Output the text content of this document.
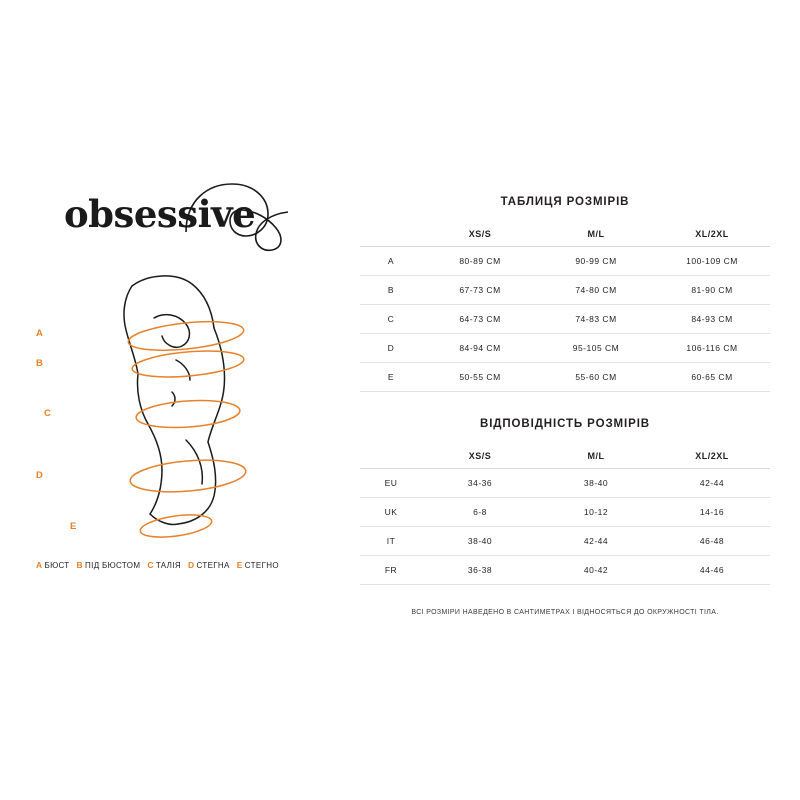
obsessive
A
B
C
D
E
A БЮСТ B ПІД БЮСТОМ C ТАЛІЯ D СТЕГНА E СТЕГНО
ТАБЛИЦЯ РОЗМІРІВ
	XS/S	M/L	XL/2XL
A	80-89 CM	90-99 CM	100-109 CM
B	67-73 CM	74-80 CM	81-90 CM
C	64-73 CM	74-83 CM	84-93 CM
D	84-94 CM	95-105 CM	106-116 CM
E	50-55 CM	55-60 CM	60-65 CM
ВІДПОВІДНІСТЬ РОЗМІРІВ
	XS/S	M/L	XL/2XL
EU	34-36	38-40	42-44
UK	6-8	10-12	14-16
IT	38-40	42-44	46-48
FR	36-38	40-42	44-46
ВСІ РОЗМІРИ НАВЕДЕНО В САНТИМЕТРАХ І ВІДНОСЯТЬСЯ ДО ОКРУЖНОСТІ ТІЛА.
